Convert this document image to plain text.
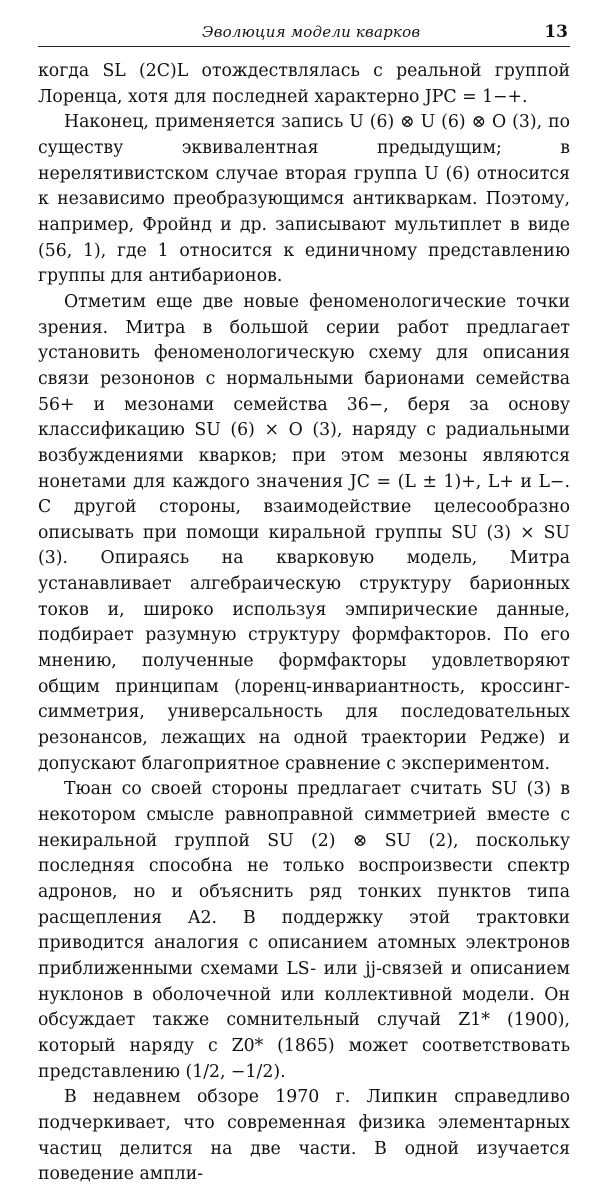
Эволюция модели кварков	13

когда SL (2C)L отождествлялась с реальной группой Лоренца, хотя для последней характерно JPC = 1−+.

Наконец, применяется запись U (6) ⊗ U (6) ⊗ O (3), по существу эквивалентная предыдущим; в нерелятивистском случае вторая группа U (6) относится к независимо преобразующимся антикваркам. Поэтому, например, Фройнд и др. записывают мультиплет в виде (56, 1), где 1 относится к единичному представлению группы для антибарионов.

Отметим еще две новые феноменологические точки зрения. Митра в большой серии работ предлагает установить феноменологическую схему для описания связи резононов с нормальными барионами семейства 56+ и мезонами семейства 36−, беря за основу классификацию SU (6) × O (3), наряду с радиальными возбуждениями кварков; при этом мезоны являются нонетами для каждого значения JC = (L ± 1)+, L+ и L−. С другой стороны, взаимодействие целесообразно описывать при помощи киральной группы SU (3) × SU (3). Опираясь на кварковую модель, Митра устанавливает алгебраическую структуру барионных токов и, широко используя эмпирические данные, подбирает разумную структуру формфакторов. По его мнению, полученные формфакторы удовлетворяют общим принципам (лоренц-инвариантность, кроссинг-симметрия, универсальность для последовательных резонансов, лежащих на одной траектории Редже) и допускают благоприятное сравнение с экспериментом.

Тюан со своей стороны предлагает считать SU (3) в некотором смысле равноправной симметрией вместе с некиральной группой SU (2) ⊗ SU (2), поскольку последняя способна не только воспроизвести спектр адронов, но и объяснить ряд тонких пунктов типа расщепления A2. В поддержку этой трактовки приводится аналогия с описанием атомных электронов приближенными схемами LS- или jj-связей и описанием нуклонов в оболочечной или коллективной модели. Он обсуждает также сомнительный случай Z1* (1900), который наряду с Z0* (1865) может соответствовать представлению (1/2, −1/2).

В недавнем обзоре 1970 г. Липкин справедливо подчеркивает, что современная физика элементарных частиц делится на две части. В одной изучается поведение ампли-
